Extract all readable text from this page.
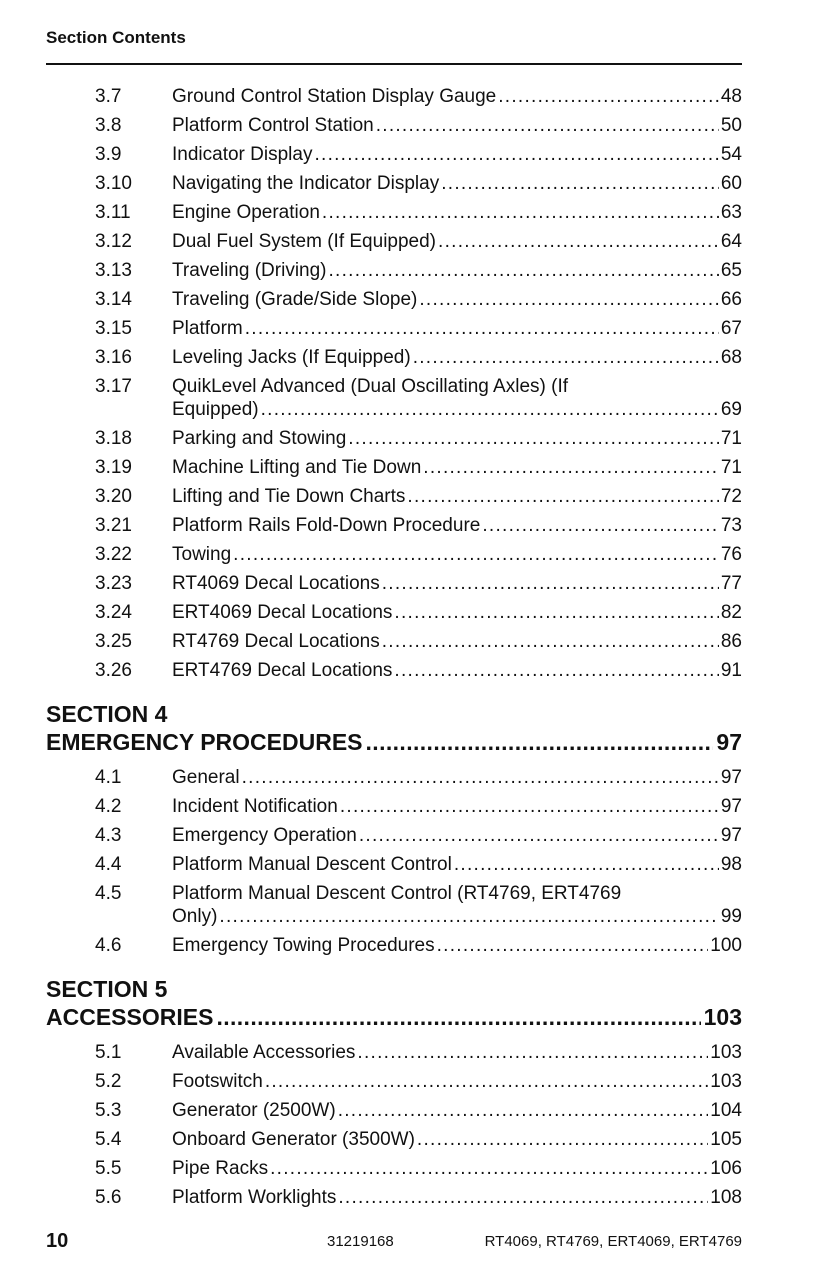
Section Contents
3.7	Ground Control Station Display Gauge . . .	48
3.8	Platform Control Station . . .	50
3.9	Indicator Display . . .	54
3.10 Navigating the Indicator Display . . .	60
3.11 Engine Operation . . .	63
3.12 Dual Fuel System (If Equipped) . . .	64
3.13 Traveling (Driving) . . .	65
3.14 Traveling (Grade/Side Slope) . . .	66
3.15 Platform . . .	67
3.16 Leveling Jacks (If Equipped) . . .	68
3.17 QuikLevel Advanced (Dual Oscillating Axles) (If
Equipped) . . .	69
3.18 Parking and Stowing . . .	71
3.19 Machine Lifting and Tie Down . . .	71
3.20 Lifting and Tie Down Charts . . .	72
3.21 Platform Rails Fold-Down Procedure . . .	73
3.22 Towing . . .	76
3.23 RT4069 Decal Locations . . .	77
3.24 ERT4069 Decal Locations . . .	82
3.25 RT4769 Decal Locations . . .	86
3.26 ERT4769 Decal Locations . . .	91
SECTION 4
EMERGENCY PROCEDURES . . .	97
4.1	General . . .	97
4.2	Incident Notification . . .	97
4.3	Emergency Operation . . .	97
4.4	Platform Manual Descent Control . . .	98
4.5	Platform Manual Descent Control (RT4769, ERT4769
Only) . . .	99
4.6	Emergency Towing Procedures . . .	100
SECTION 5
ACCESSORIES . . .	103
5.1	Available Accessories . . .	103
5.2	Footswitch . . .	103
5.3	Generator (2500W) . . .	104
5.4	Onboard Generator (3500W) . . .	105
5.5	Pipe Racks . . .	106
5.6	Platform Worklights . . .	108
10	31219168	RT4069, RT4769, ERT4069, ERT4769
